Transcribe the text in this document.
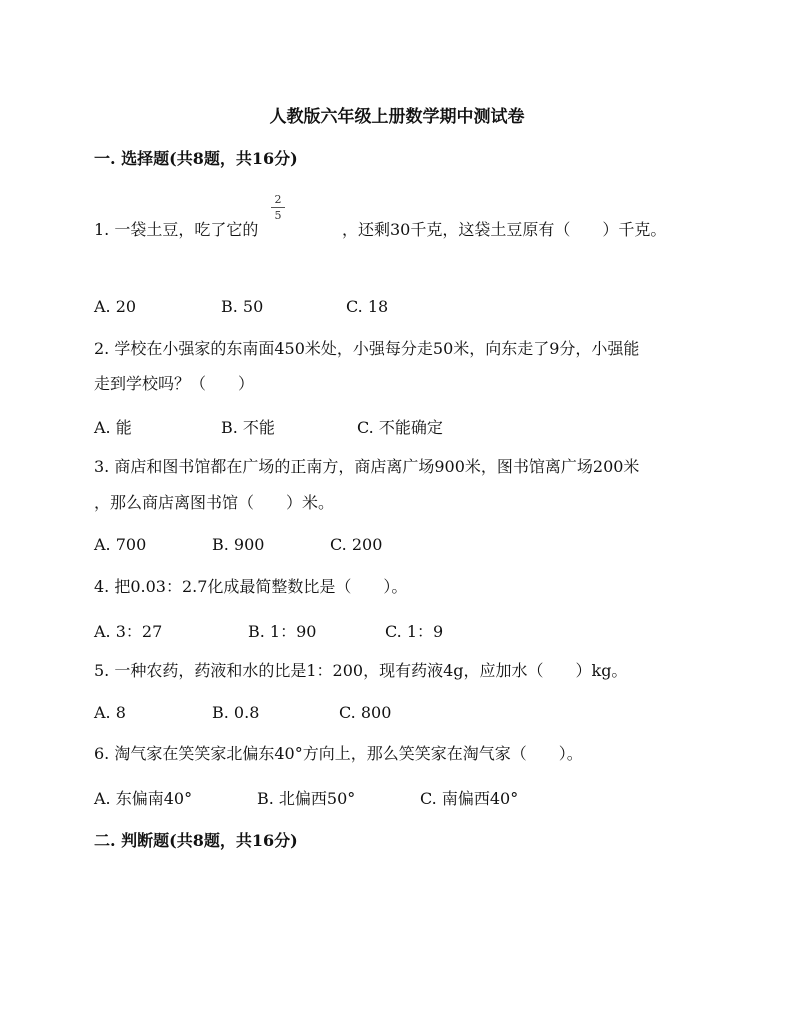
人教版六年级上册数学期中测试卷
一. 选择题(共8题，共16分)
1. 一袋土豆，吃了它的
$\frac{2}{5}$
，还剩30千克，这袋土豆原有（　　）千克。
A. 20	B. 50	C. 18
2. 学校在小强家的东南面450米处，小强每分走50米，向东走了9分，小强能
走到学校吗？（　　）
A. 能	B. 不能	C. 不能确定
3. 商店和图书馆都在广场的正南方，商店离广场900米，图书馆离广场200米
，那么商店离图书馆（　　）米。
A. 700	B. 900	C. 200
4. 把0.03：2.7化成最简整数比是（　　）。
A. 3：27	B. 1：90	C. 1：9
5. 一种农药，药液和水的比是1：200，现有药液4g，应加水（　　）kg。
A. 8	B. 0.8	C. 800
6. 淘气家在笑笑家北偏东40°方向上，那么笑笑家在淘气家（　　）。
A. 东偏南40°	B. 北偏西50°	C. 南偏西40°
二. 判断题(共8题，共16分)
